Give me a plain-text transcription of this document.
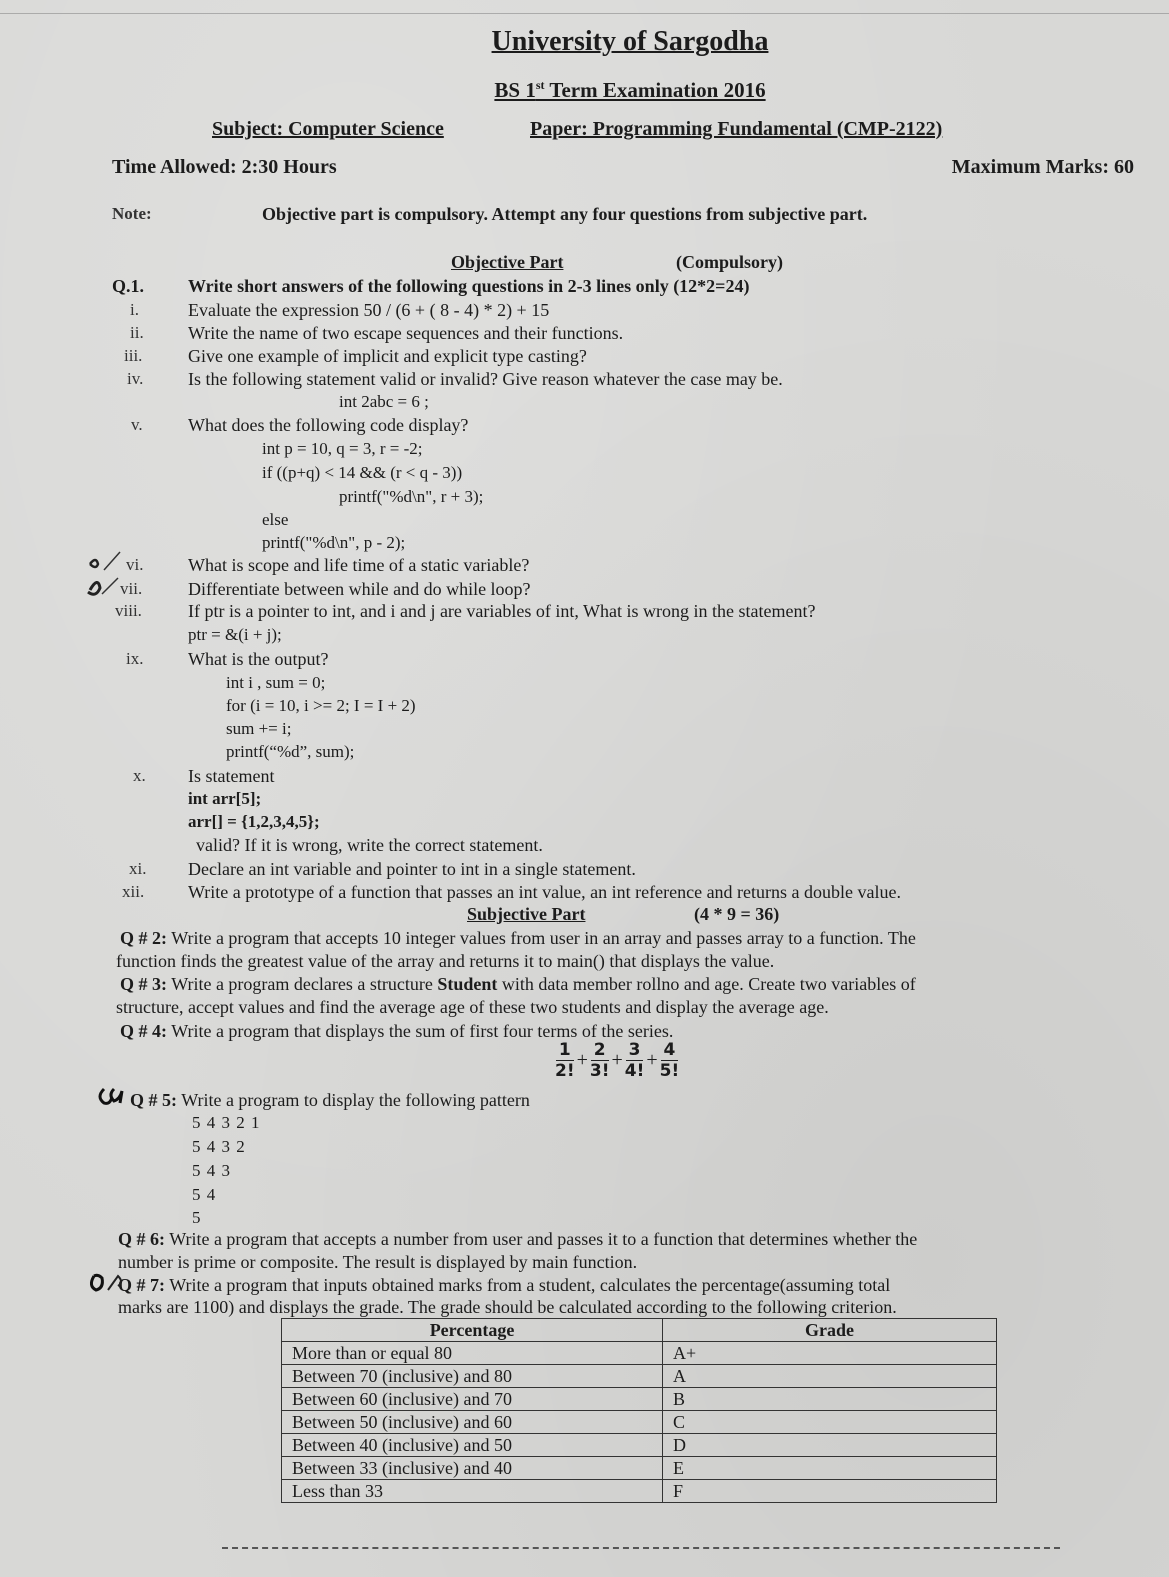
University of Sargodha
BS 1st Term Examination 2016
Subject: Computer Science	Paper: Programming Fundamental (CMP-2122)
Time Allowed: 2:30 Hours	Maximum Marks: 60
Note:	Objective part is compulsory. Attempt any four questions from subjective part.
Objective Part	(Compulsory)
Q.1. Write short answers of the following questions in 2-3 lines only (12*2=24)
i.	Evaluate the expression 50 / (6 + ( 8 - 4) * 2) + 15
ii. Write the name of two escape sequences and their functions.
iii.	Give one example of implicit and explicit type casting?
iv. Is the following statement valid or invalid? Give reason whatever the case may be.
int 2abc = 6 ;
v.	What does the following code display?
int p = 10, q = 3, r = -2;
if ((p+q) < 14 && (r < q - 3))
printf("%d\n", r + 3);
else
printf("%d\n", p - 2);
vi. What is scope and life time of a static variable?
vii.	Differentiate between while and do while loop?
viii.	If ptr is a pointer to int, and i and j are variables of int, What is wrong in the statement?
ptr = &(i + j);
ix. What is the output?
int i , sum = 0;
for (i = 10, i >= 2; I = I + 2)
sum += i;
printf(“%d”, sum);
x. Is statement
int arr[5];
arr[] = {1,2,3,4,5};
valid? If it is wrong, write the correct statement.
xi. Declare an int variable and pointer to int in a single statement.
xii. Write a prototype of a function that passes an int value, an int reference and returns a double value.
Subjective Part	(4 * 9 = 36)
Q # 2: Write a program that accepts 10 integer values from user in an array and passes array to a function. The
function finds the greatest value of the array and returns it to main() that displays the value.
Q # 3: Write a program declares a structure Student with data member rollno and age. Create two variables of
structure, accept values and find the average age of these two students and display the average age.
Q # 4: Write a program that displays the sum of first four terms of the series.
$\frac{1}{2!} + \frac{2}{3!} + \frac{3}{4!} + \frac{4}{5!}$
Q # 5: Write a program to display the following pattern
5 4 3 2 1
5 4 3 2
5 4 3
5 4
5
Q # 6: Write a program that accepts a number from user and passes it to a function that determines whether the
number is prime or composite. The result is displayed by main function.
Q # 7: Write a program that inputs obtained marks from a student, calculates the percentage(assuming total
marks are 1100) and displays the grade. The grade should be calculated according to the following criterion.
Percentage	Grade
More than or equal 80	A+
Between 70 (inclusive) and 80	A
Between 60 (inclusive) and 70	B
Between 50 (inclusive) and 60	C
Between 40 (inclusive) and 50	D
Between 33 (inclusive) and 40	E
Less than 33	F
